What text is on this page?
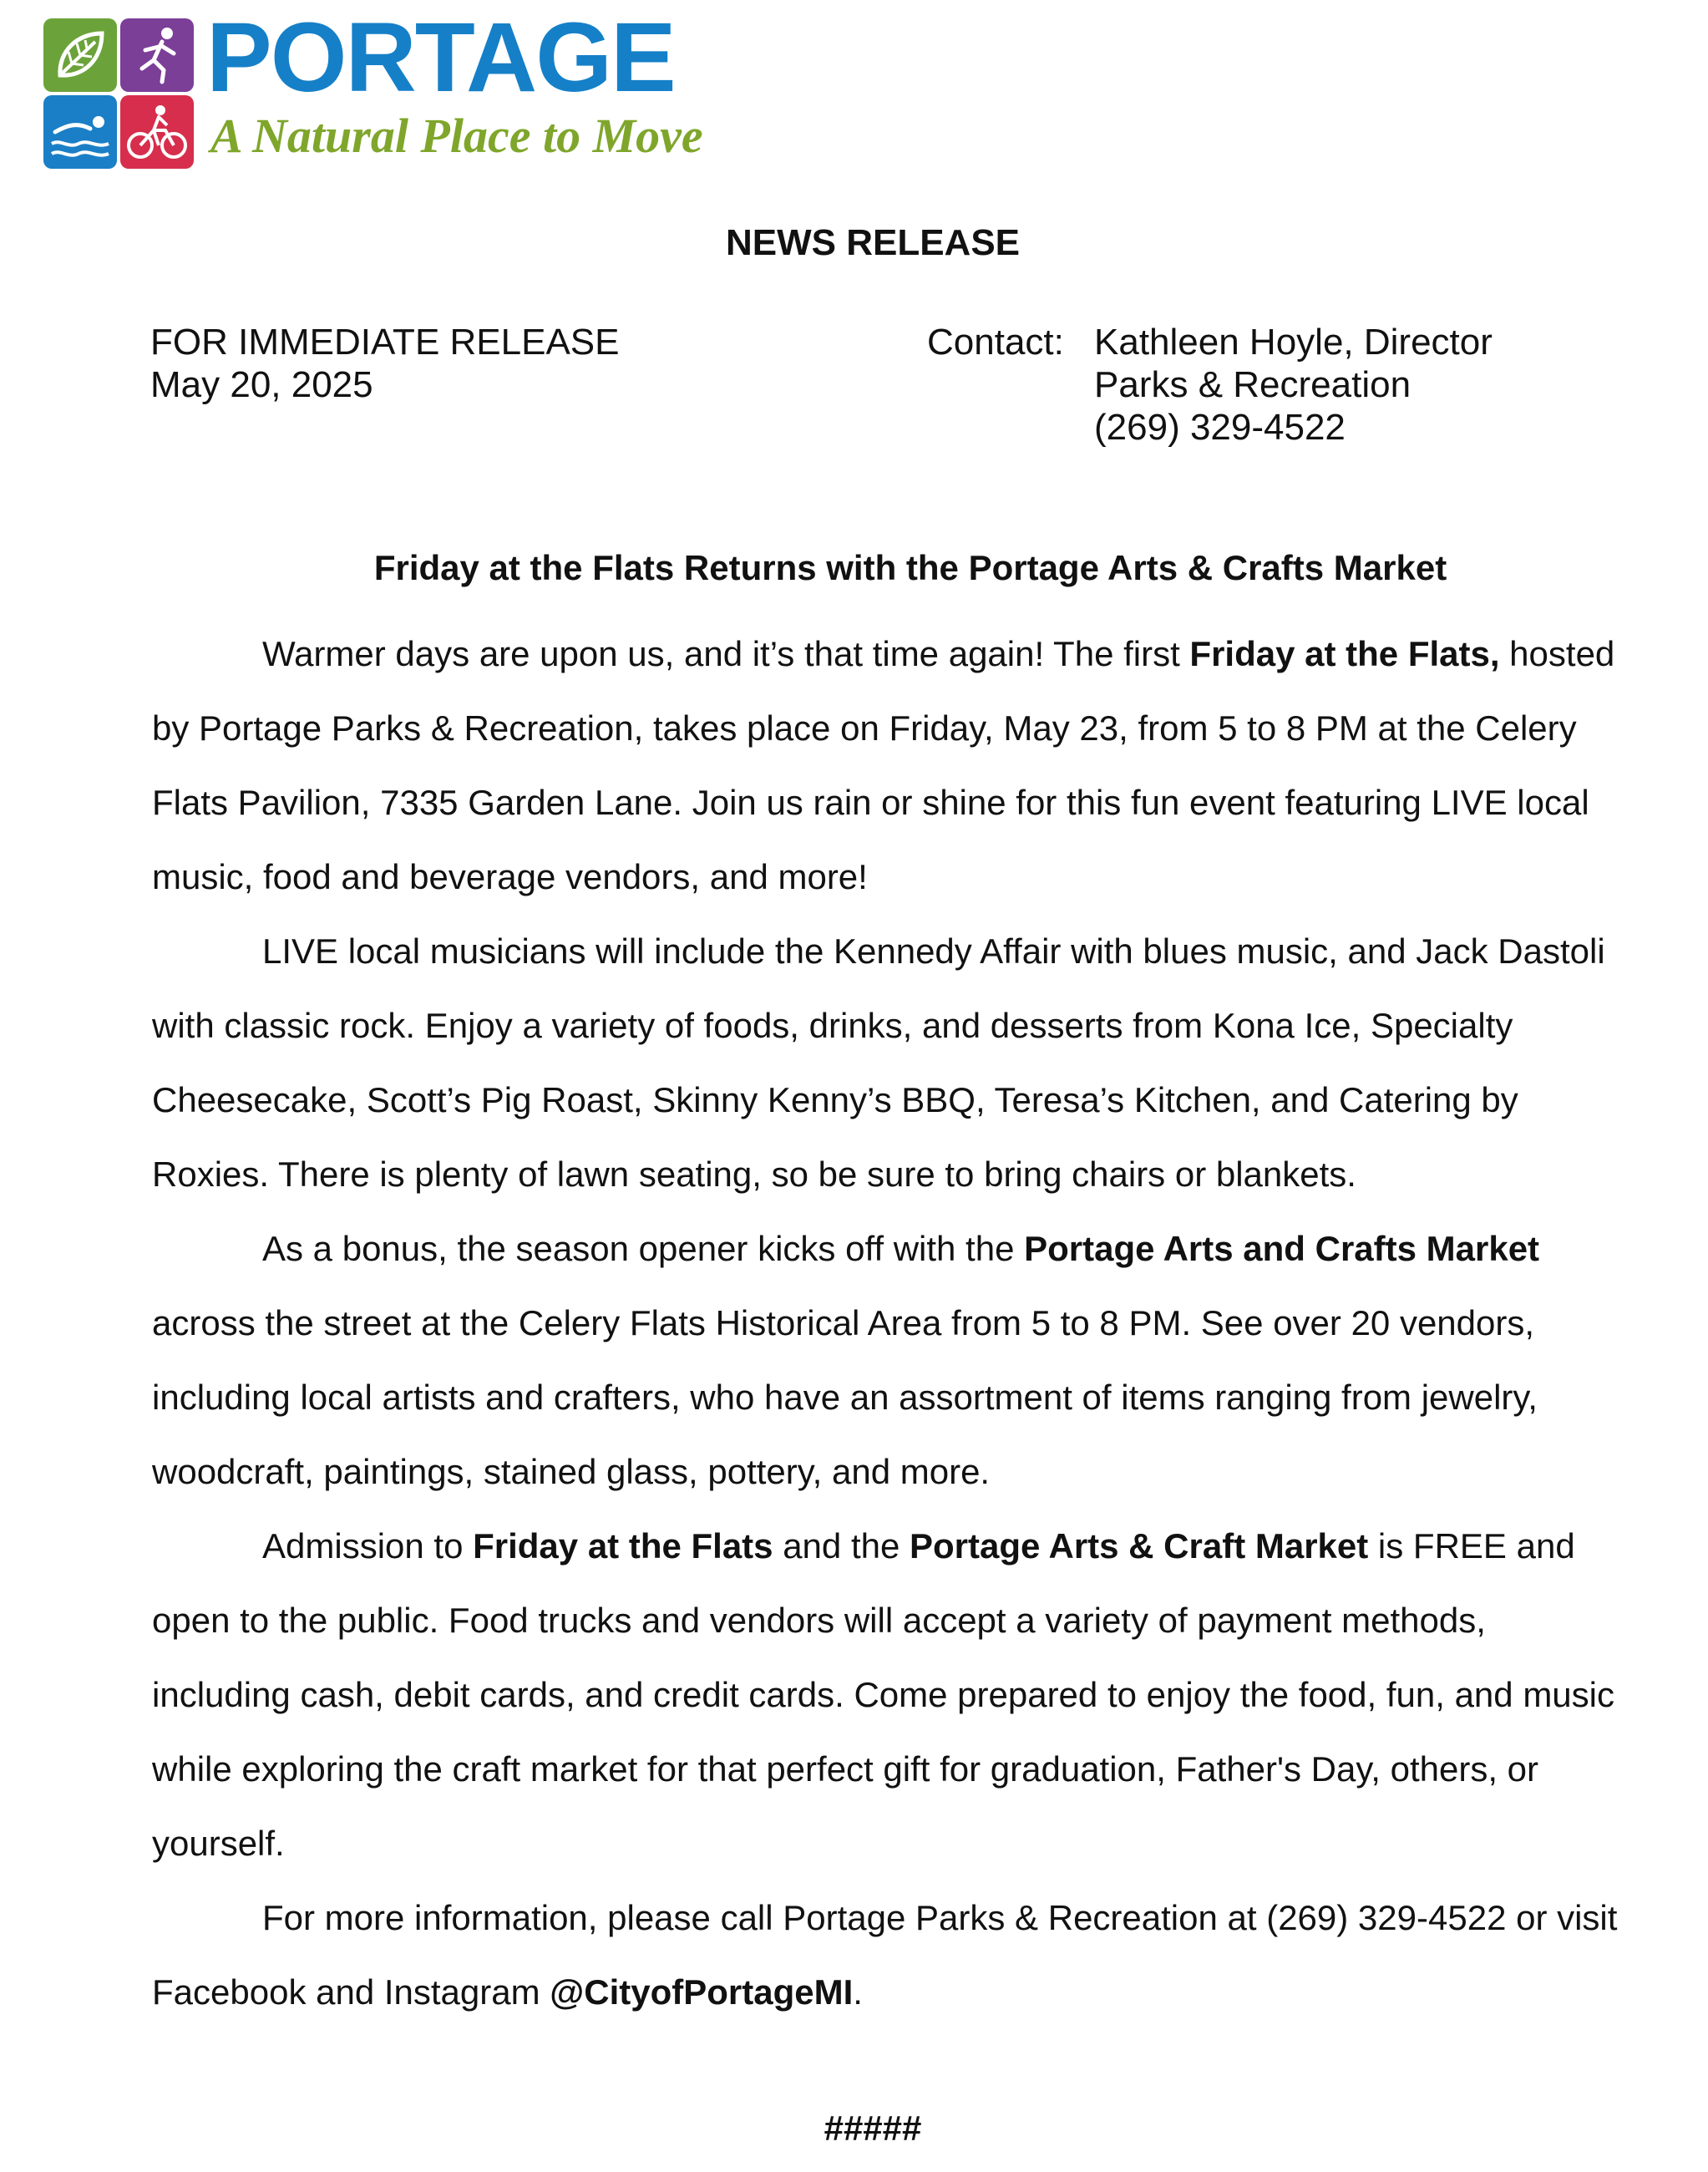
PORTAGE
A Natural Place to Move
NEWS RELEASE
FOR IMMEDIATE RELEASE
May 20, 2025
Contact: Kathleen Hoyle, Director
Parks & Recreation
(269) 329-4522
Friday at the Flats Returns with the Portage Arts & Crafts Market

Warmer days are upon us, and it’s that time again! The first Friday at the Flats, hosted by Portage Parks & Recreation, takes place on Friday, May 23, from 5 to 8 PM at the Celery Flats Pavilion, 7335 Garden Lane. Join us rain or shine for this fun event featuring LIVE local music, food and beverage vendors, and more!

LIVE local musicians will include the Kennedy Affair with blues music, and Jack Dastoli with classic rock. Enjoy a variety of foods, drinks, and desserts from Kona Ice, Specialty Cheesecake, Scott’s Pig Roast, Skinny Kenny’s BBQ, Teresa’s Kitchen, and Catering by Roxies. There is plenty of lawn seating, so be sure to bring chairs or blankets.

As a bonus, the season opener kicks off with the Portage Arts and Crafts Market across the street at the Celery Flats Historical Area from 5 to 8 PM. See over 20 vendors, including local artists and crafters, who have an assortment of items ranging from jewelry, woodcraft, paintings, stained glass, pottery, and more.

Admission to Friday at the Flats and the Portage Arts & Craft Market is FREE and open to the public. Food trucks and vendors will accept a variety of payment methods, including cash, debit cards, and credit cards. Come prepared to enjoy the food, fun, and music while exploring the craft market for that perfect gift for graduation, Father's Day, others, or yourself.

For more information, please call Portage Parks & Recreation at (269) 329-4522 or visit Facebook and Instagram @CityofPortageMI.

#####
